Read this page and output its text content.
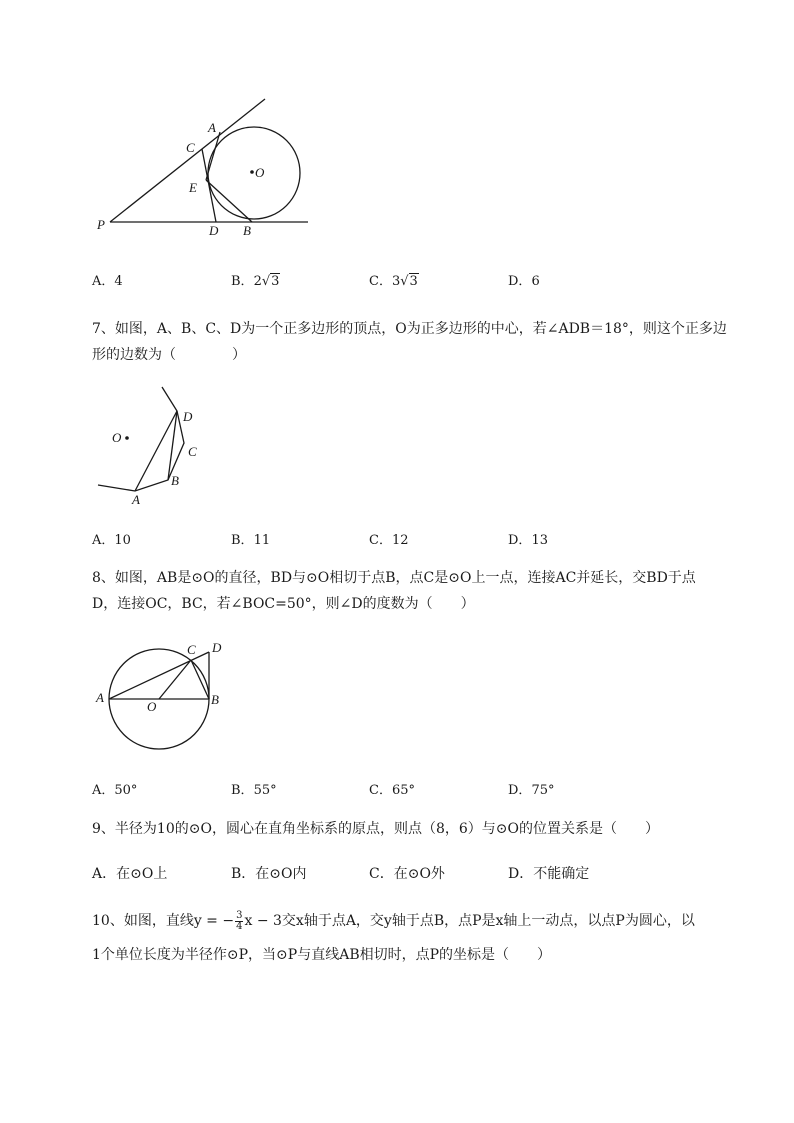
A
C
E
O
P	D B
A．4	B．2√3	C．3√3	D．6
7、如图，A、B、C、D为一个正多边形的顶点，O为正多边形的中心，若∠ADB＝18°，则这个正多边
形的边数为（　　　　）
O
D
C
B
A
A．10	B．11	C．12	D．13
8、如图，AB是⊙O的直径，BD与⊙O相切于点B，点C是⊙O上一点，连接AC并延长，交BD于点
D，连接OC，BC，若∠BOC=50°，则∠D的度数为（　　）
C D
A
O	B
A．50°	B．55°	C．65°	D．75°
9、半径为10的⊙O，圆心在直角坐标系的原点，则点（8，6）与⊙O的位置关系是（　　）
A．在⊙O上	B．在⊙O内	C．在⊙O外	D．不能确定
10、如图，直线y = − $\frac{3}{4}$ x − 3交x轴于点A，交y轴于点B，点P是x轴上一动点，以点P为圆心，以
1个单位长度为半径作⊙P，当⊙P与直线AB相切时，点P的坐标是（　　）
